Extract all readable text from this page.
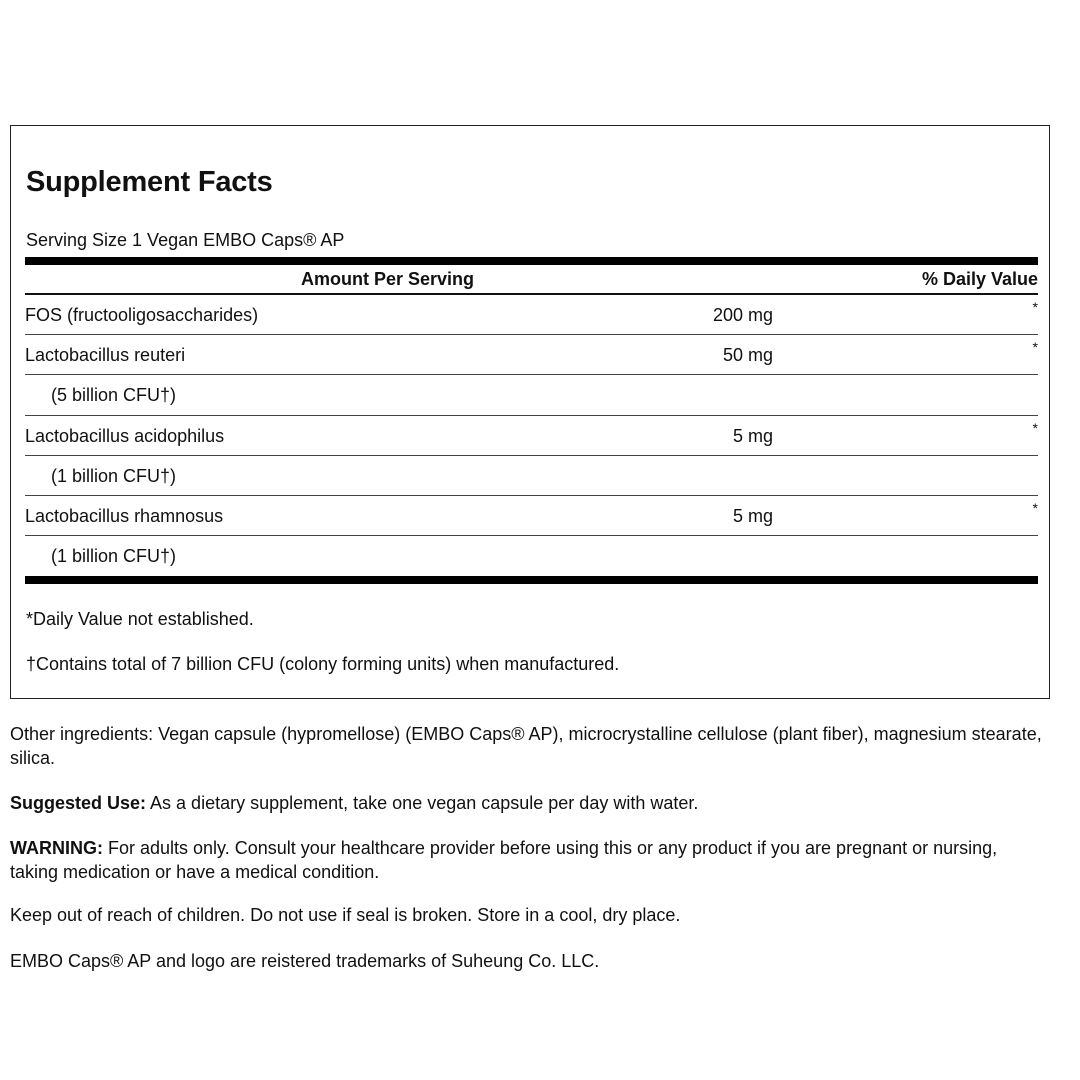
Supplement Facts
Serving Size 1 Vegan EMBO Caps® AP
Amount Per Serving	% Daily Value
FOS (fructooligosaccharides)	200 mg	*
Lactobacillus reuteri	50 mg	*
(5 billion CFU†)
Lactobacillus acidophilus	5 mg	*
(1 billion CFU†)
Lactobacillus rhamnosus	5 mg	*
(1 billion CFU†)
*Daily Value not established.
†Contains total of 7 billion CFU (colony forming units) when manufactured.
Other ingredients: Vegan capsule (hypromellose) (EMBO Caps® AP), microcrystalline cellulose (plant fiber), magnesium stearate, silica.
Suggested Use: As a dietary supplement, take one vegan capsule per day with water.
WARNING: For adults only. Consult your healthcare provider before using this or any product if you are pregnant or nursing, taking medication or have a medical condition.
Keep out of reach of children. Do not use if seal is broken. Store in a cool, dry place.
EMBO Caps® AP and logo are reistered trademarks of Suheung Co. LLC.
